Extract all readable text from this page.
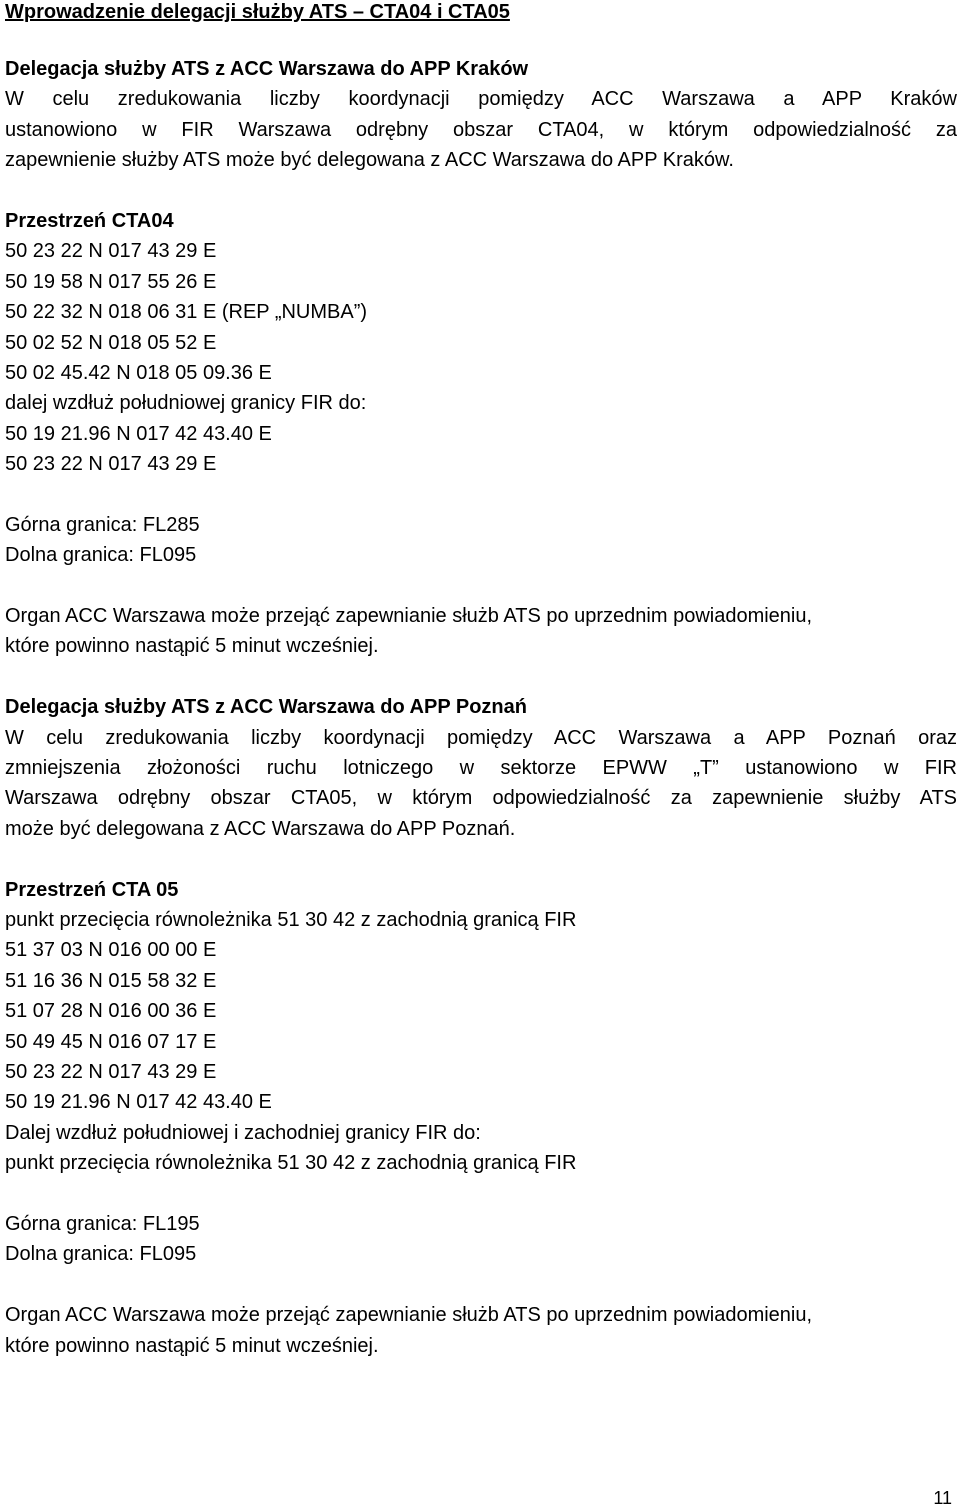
Wprowadzenie delegacji służby ATS – CTA04 i CTA05
Delegacja służby ATS z ACC Warszawa do APP Kraków
W celu zredukowania liczby koordynacji pomiędzy ACC Warszawa a APP Kraków
ustanowiono w FIR Warszawa odrębny obszar CTA04, w którym odpowiedzialność za
zapewnienie służby ATS może być delegowana z ACC Warszawa do APP Kraków.
Przestrzeń CTA04
50 23 22 N 017 43 29 E
50 19 58 N 017 55 26 E
50 22 32 N 018 06 31 E (REP „NUMBA”)
50 02 52 N 018 05 52 E
50 02 45.42 N 018 05 09.36 E
dalej wzdłuż południowej granicy FIR do:
50 19 21.96 N 017 42 43.40 E
50 23 22 N 017 43 29 E
Górna granica: FL285
Dolna granica: FL095
Organ ACC Warszawa może przejąć zapewnianie służb ATS po uprzednim powiadomieniu,
które powinno nastąpić 5 minut wcześniej.
Delegacja służby ATS z ACC Warszawa do APP Poznań
W celu zredukowania liczby koordynacji pomiędzy ACC Warszawa a APP Poznań oraz
zmniejszenia złożoności ruchu lotniczego w sektorze EPWW „T” ustanowiono w FIR
Warszawa odrębny obszar CTA05, w którym odpowiedzialność za zapewnienie służby ATS
może być delegowana z ACC Warszawa do APP Poznań.
Przestrzeń CTA 05
punkt przecięcia równoleżnika 51 30 42 z zachodnią granicą FIR
51 37 03 N 016 00 00 E
51 16 36 N 015 58 32 E
51 07 28 N 016 00 36 E
50 49 45 N 016 07 17 E
50 23 22 N 017 43 29 E
50 19 21.96 N 017 42 43.40 E
Dalej wzdłuż południowej i zachodniej granicy FIR do:
punkt przecięcia równoleżnika 51 30 42 z zachodnią granicą FIR
Górna granica: FL195
Dolna granica: FL095
Organ ACC Warszawa może przejąć zapewnianie służb ATS po uprzednim powiadomieniu,
które powinno nastąpić 5 minut wcześniej.
11
